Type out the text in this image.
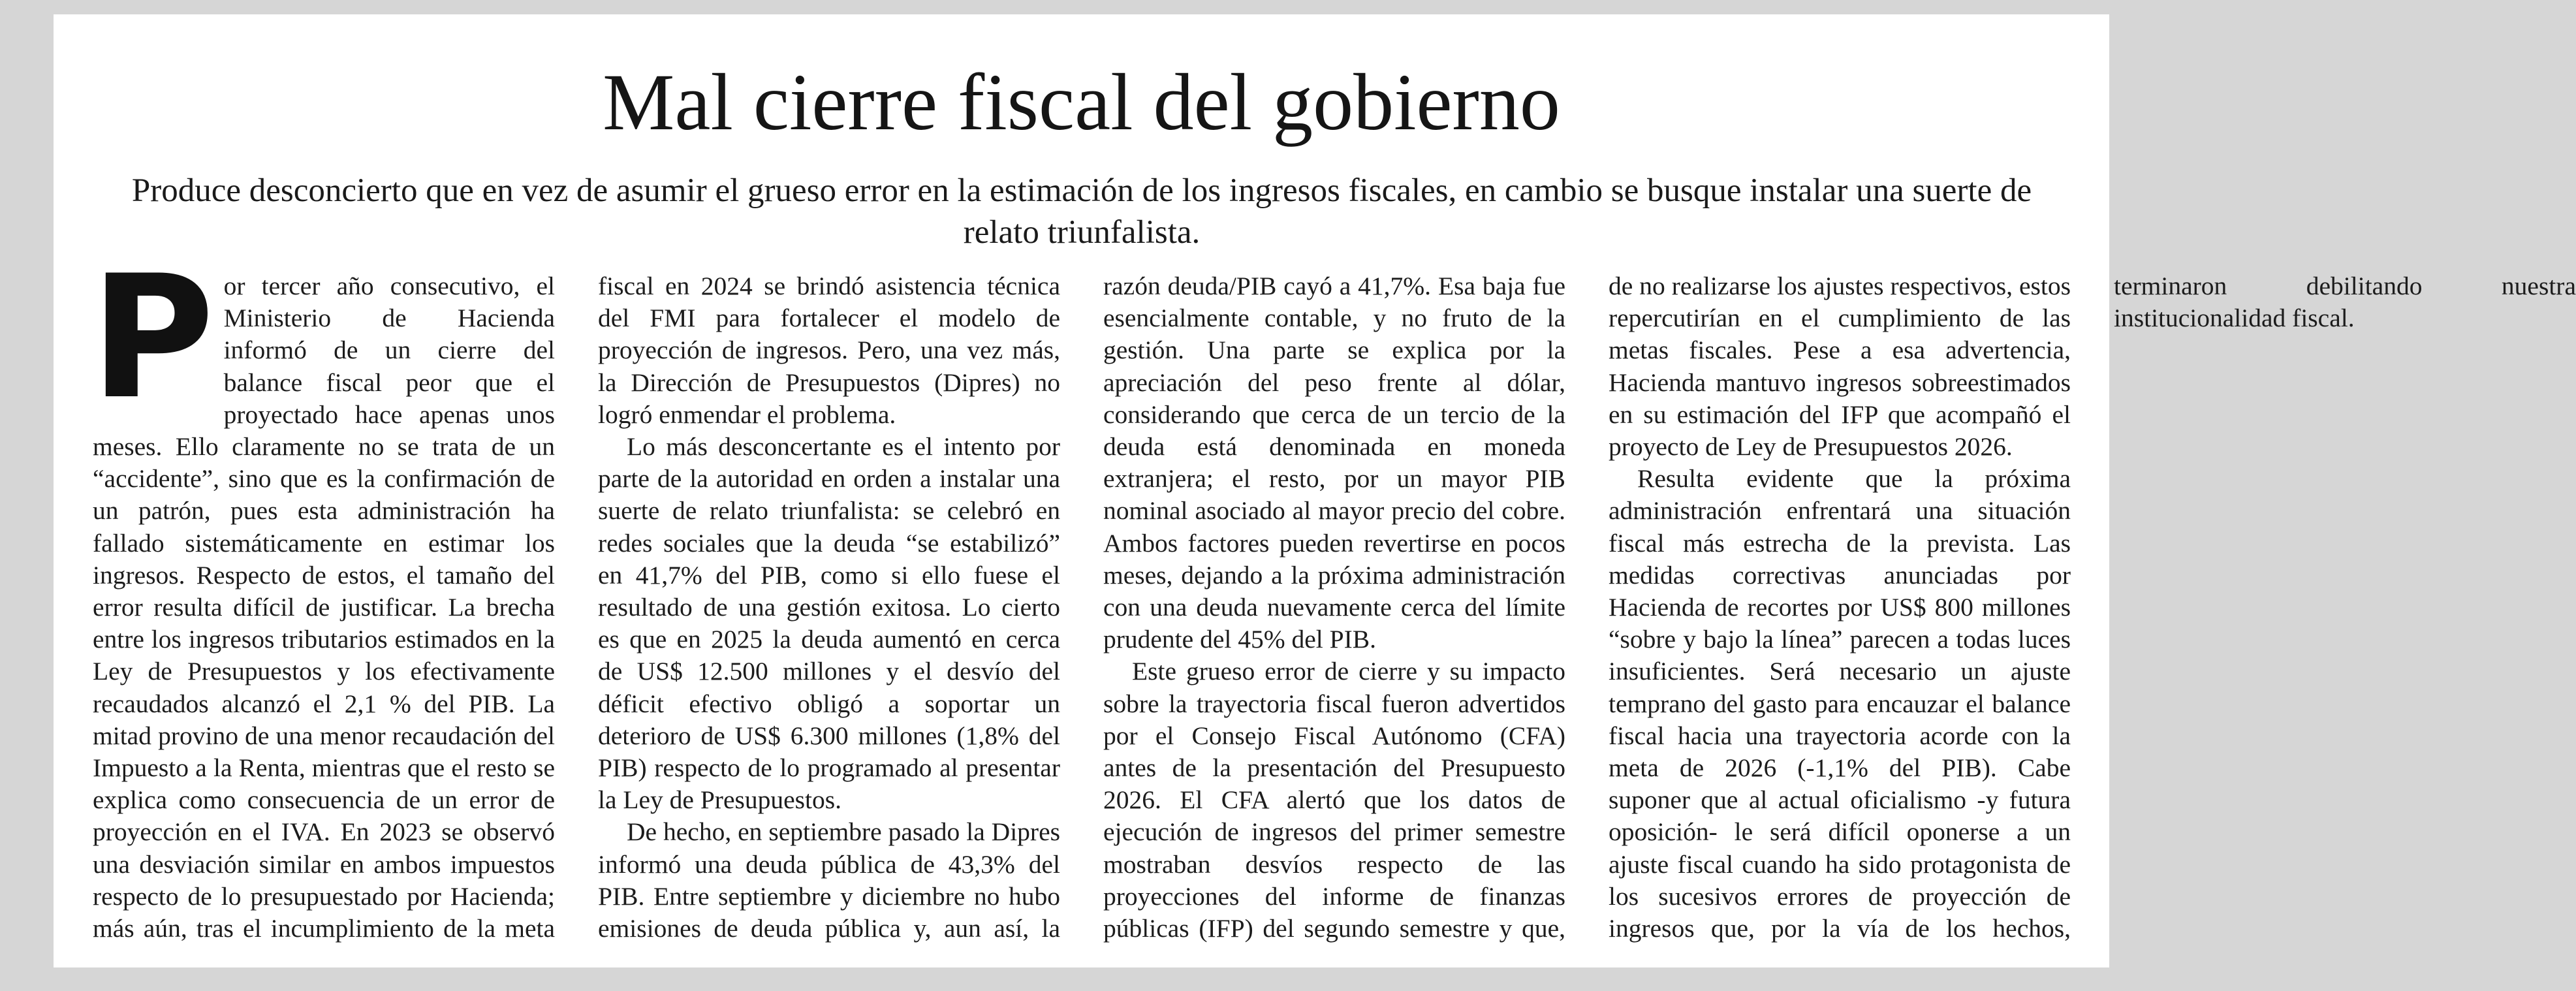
Mal cierre fiscal del gobierno

Produce desconcierto que en vez de asumir el grueso error en la estimación de los ingresos fiscales, en cambio se busque instalar una suerte de relato triunfalista.

Por tercer año consecutivo, el Ministerio de Hacienda informó de un cierre del balance fiscal peor que el proyectado hace apenas unos meses. Ello claramente no se trata de un “accidente”, sino que es la confirmación de un patrón, pues esta administración ha fallado sistemáticamente en estimar los ingresos. Respecto de estos, el tamaño del error resulta difícil de justificar. La brecha entre los ingresos tributarios estimados en la Ley de Presupuestos y los efectivamente recaudados alcanzó el 2,1 % del PIB. La mitad provino de una menor recaudación del Impuesto a la Renta, mientras que el resto se explica como consecuencia de un error de proyección en el IVA. En 2023 se observó una desviación similar en ambos impuestos respecto de lo presupuestado por Hacienda; más aún, tras el incumplimiento de la meta fiscal en 2024 se brindó asistencia técnica del FMI para fortalecer el modelo de proyección de ingresos. Pero, una vez más, la Dirección de Presupuestos (Dipres) no logró enmendar el problema.

Lo más desconcertante es el intento por parte de la autoridad en orden a instalar una suerte de relato triunfalista: se celebró en redes sociales que la deuda “se estabilizó” en 41,7% del PIB, como si ello fuese el resultado de una gestión exitosa. Lo cierto es que en 2025 la deuda aumentó en cerca de US$ 12.500 millones y el desvío del déficit efectivo obligó a soportar un deterioro de US$ 6.300 millones (1,8% del PIB) respecto de lo programado al presentar la Ley de Presupuestos.

De hecho, en septiembre pasado la Dipres informó una deuda pública de 43,3% del PIB. Entre septiembre y diciembre no hubo emisiones de deuda pública y, aun así, la razón deuda/PIB cayó a 41,7%. Esa baja fue esencialmente contable, y no fruto de la gestión. Una parte se explica por la apreciación del peso frente al dólar, considerando que cerca de un tercio de la deuda está denominada en moneda extranjera; el resto, por un mayor PIB nominal asociado al mayor precio del cobre. Ambos factores pueden revertirse en pocos meses, dejando a la próxima administración con una deuda nuevamente cerca del límite prudente del 45% del PIB.

Este grueso error de cierre y su impacto sobre la trayectoria fiscal fueron advertidos por el Consejo Fiscal Autónomo (CFA) antes de la presentación del Presupuesto 2026. El CFA alertó que los datos de ejecución de ingresos del primer semestre mostraban desvíos respecto de las proyecciones del informe de finanzas públicas (IFP) del segundo semestre y que, de no realizarse los ajustes respectivos, estos repercutirían en el cumplimiento de las metas fiscales. Pese a esa advertencia, Hacienda mantuvo ingresos sobreestimados en su estimación del IFP que acompañó el proyecto de Ley de Presupuestos 2026.

Resulta evidente que la próxima administración enfrentará una situación fiscal más estrecha de la prevista. Las medidas correctivas anunciadas por Hacienda de recortes por US$ 800 millones “sobre y bajo la línea” parecen a todas luces insuficientes. Será necesario un ajuste temprano del gasto para encauzar el balance fiscal hacia una trayectoria acorde con la meta de 2026 (-1,1% del PIB). Cabe suponer que al actual oficialismo -y futura oposición- le será difícil oponerse a un ajuste fiscal cuando ha sido protagonista de los sucesivos errores de proyección de ingresos que, por la vía de los hechos, terminaron debilitando nuestra institucionalidad fiscal.
